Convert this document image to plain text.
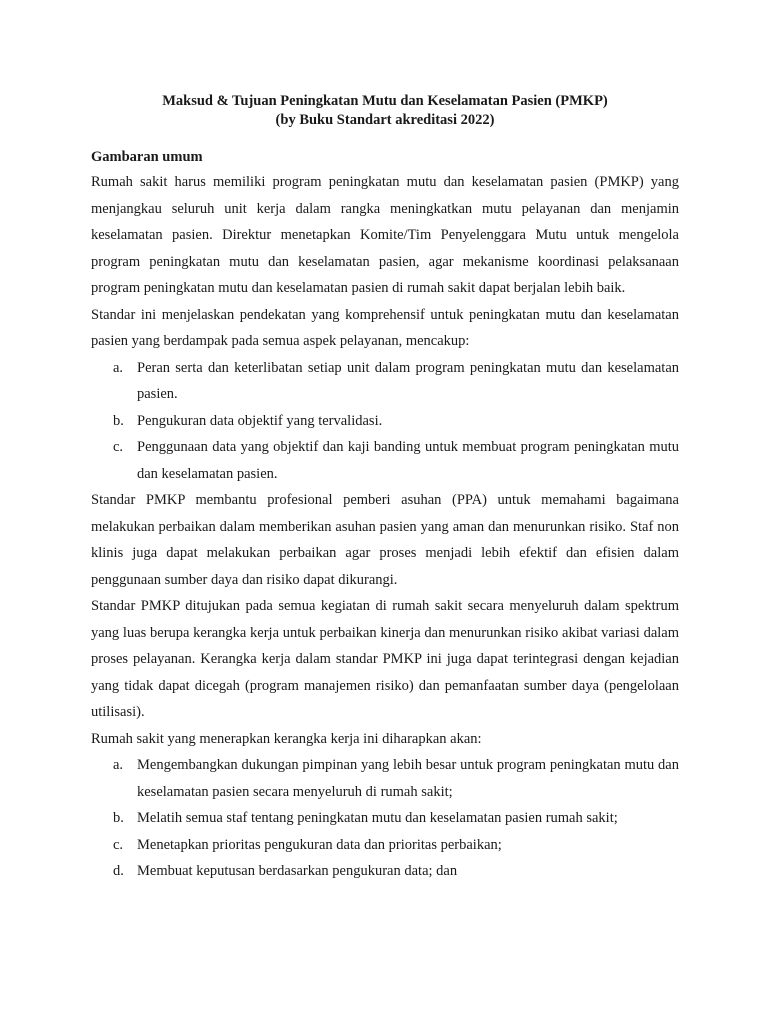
Maksud & Tujuan Peningkatan Mutu dan Keselamatan Pasien (PMKP)

(by Buku Standart akreditasi 2022)

Gambaran umum

Rumah sakit harus memiliki program peningkatan mutu dan keselamatan pasien (PMKP) yang menjangkau seluruh unit kerja dalam rangka meningkatkan mutu pelayanan dan menjamin keselamatan pasien. Direktur menetapkan Komite/Tim Penyelenggara Mutu untuk mengelola program peningkatan mutu dan keselamatan pasien, agar mekanisme koordinasi pelaksanaan program peningkatan mutu dan keselamatan pasien di rumah sakit dapat berjalan lebih baik.

Standar ini menjelaskan pendekatan yang komprehensif untuk peningkatan mutu dan keselamatan pasien yang berdampak pada semua aspek pelayanan, mencakup:

a. Peran serta dan keterlibatan setiap unit dalam program peningkatan mutu dan keselamatan pasien.
b. Pengukuran data objektif yang tervalidasi.
c. Penggunaan data yang objektif dan kaji banding untuk membuat program peningkatan mutu dan keselamatan pasien.

Standar PMKP membantu profesional pemberi asuhan (PPA) untuk memahami bagaimana melakukan perbaikan dalam memberikan asuhan pasien yang aman dan menurunkan risiko. Staf non klinis juga dapat melakukan perbaikan agar proses menjadi lebih efektif dan efisien dalam penggunaan sumber daya dan risiko dapat dikurangi.

Standar PMKP ditujukan pada semua kegiatan di rumah sakit secara menyeluruh dalam spektrum yang luas berupa kerangka kerja untuk perbaikan kinerja dan menurunkan risiko akibat variasi dalam proses pelayanan. Kerangka kerja dalam standar PMKP ini juga dapat terintegrasi dengan kejadian yang tidak dapat dicegah (program manajemen risiko) dan pemanfaatan sumber daya (pengelolaan utilisasi).

Rumah sakit yang menerapkan kerangka kerja ini diharapkan akan:

a. Mengembangkan dukungan pimpinan yang lebih besar untuk program peningkatan mutu dan keselamatan pasien secara menyeluruh di rumah sakit;
b. Melatih semua staf tentang peningkatan mutu dan keselamatan pasien rumah sakit;
c. Menetapkan prioritas pengukuran data dan prioritas perbaikan;
d. Membuat keputusan berdasarkan pengukuran data; dan
